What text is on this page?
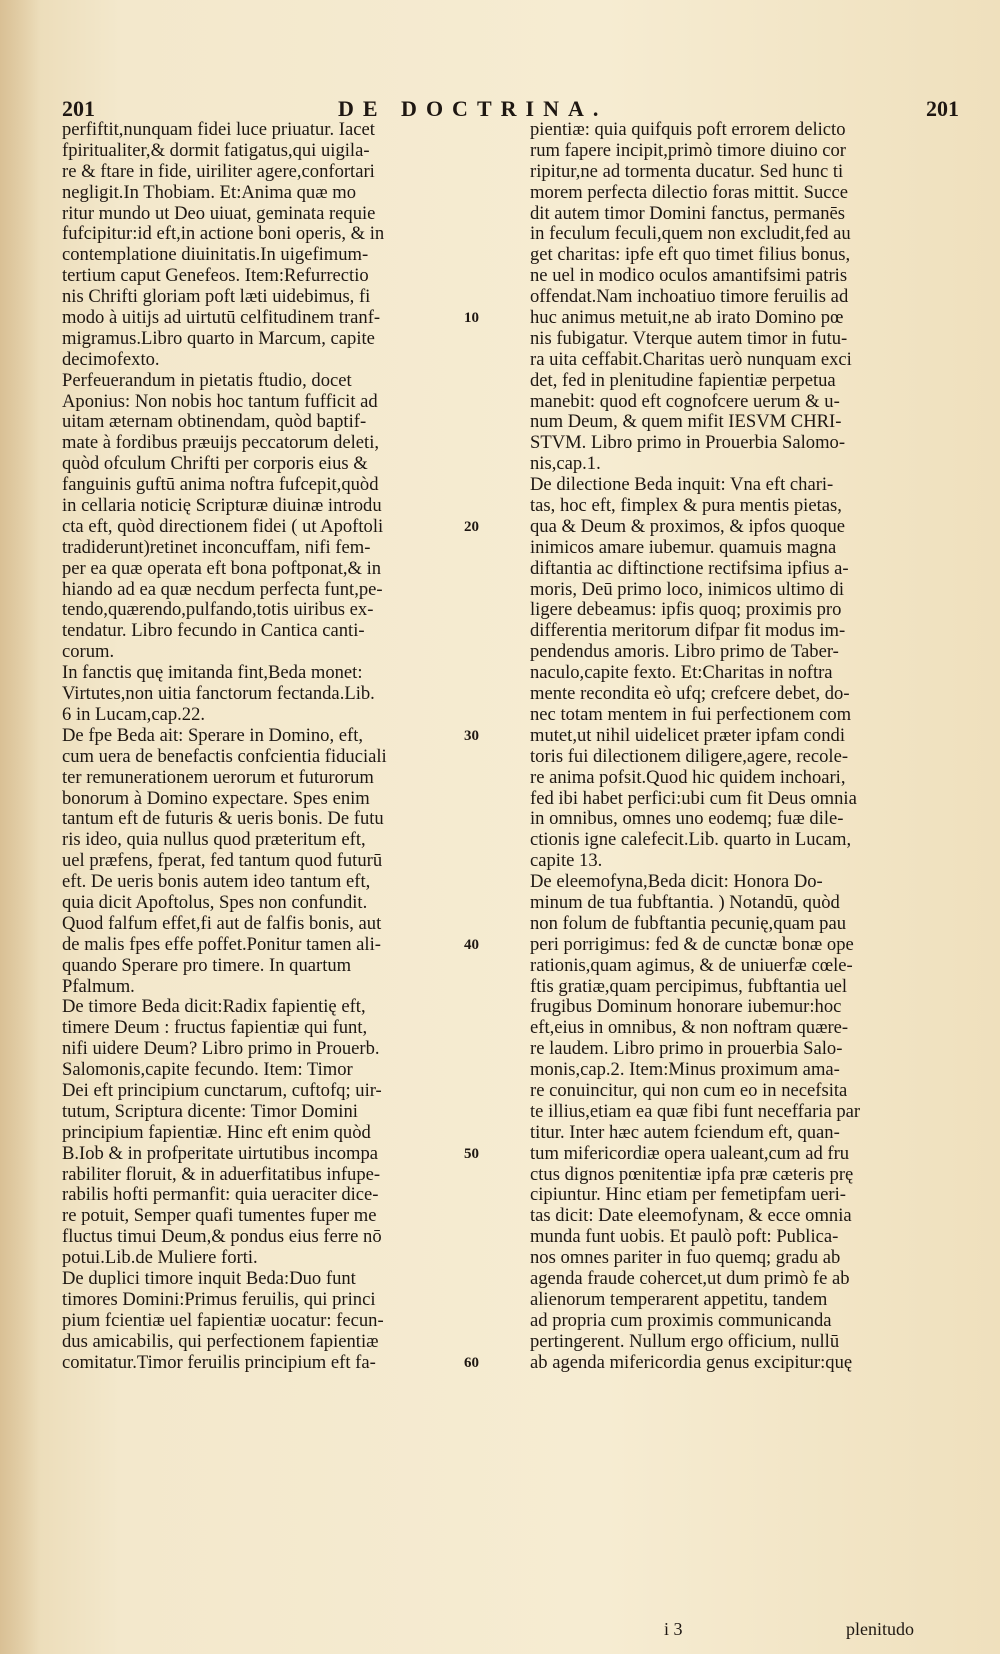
201	DE DOCTRINA.	201
perfiftit,nunquam fidei luce priuatur. Iacet
fpiritualiter,& dormit fatigatus,qui uigila-
re & ftare in fide, uiriliter agere,confortari
negligit.In Thobiam. Et:Anima quæ mo
ritur mundo ut Deo uiuat, geminata requie
fufcipitur:id eft,in actione boni operis, & in
contemplatione diuinitatis.In uigefimum-
tertium caput Genefeos. Item:Refurrectio
nis Chrifti gloriam poft læti uidebimus, fi
modo à uitijs ad uirtutū celfitudinem tranf-
migramus.Libro quarto in Marcum, capite
decimofexto.
Perfeuerandum in pietatis ftudio, docet
Aponius: Non nobis hoc tantum fufficit ad
uitam æternam obtinendam, quòd baptif-
mate à fordibus præuijs peccatorum deleti,
quòd ofculum Chrifti per corporis eius &
fanguinis guftū anima noftra fufcepit,quòd
in cellaria noticię Scripturæ diuinæ introdu
cta eft, quòd directionem fidei ( ut Apoftoli
tradiderunt)retinet inconcuffam, nifi fem-
per ea quæ operata eft bona poftponat,& in
hiando ad ea quæ necdum perfecta funt,pe-
tendo,quærendo,pulfando,totis uiribus ex-
tendatur. Libro fecundo in Cantica canti-
corum.
In fanctis quę imitanda fint,Beda monet:
Virtutes,non uitia fanctorum fectanda.Lib.
6 in Lucam,cap.22.
De fpe Beda ait: Sperare in Domino, eft,
cum uera de benefactis confcientia fiduciali
ter remunerationem uerorum et futurorum
bonorum à Domino expectare. Spes enim
tantum eft de futuris & ueris bonis. De futu
ris ideo, quia nullus quod præteritum eft,
uel præfens, fperat, fed tantum quod futurū
eft. De ueris bonis autem ideo tantum eft,
quia dicit Apoftolus, Spes non confundit.
Quod falfum effet,fi aut de falfis bonis, aut
de malis fpes effe poffet.Ponitur tamen ali-
quando Sperare pro timere. In quartum
Pfalmum.
De timore Beda dicit:Radix fapientię eft,
timere Deum : fructus fapientiæ qui funt,
nifi uidere Deum? Libro primo in Prouerb.
Salomonis,capite fecundo. Item: Timor
Dei eft principium cunctarum, cuftofq; uir-
tutum, Scriptura dicente: Timor Domini
principium fapientiæ. Hinc eft enim quòd
B.Iob & in profperitate uirtutibus incompa
rabiliter floruit, & in aduerfitatibus infupe-
rabilis hofti permanfit: quia ueraciter dice-
re potuit, Semper quafi tumentes fuper me
fluctus timui Deum,& pondus eius ferre nō
potui.Lib.de Muliere forti.
De duplici timore inquit Beda:Duo funt
timores Domini:Primus feruilis, qui princi
pium fcientiæ uel fapientiæ uocatur: fecun-
dus amicabilis, qui perfectionem fapientiæ
comitatur.Timor feruilis principium eft fa-
pientiæ: quia quifquis poft errorem delicto
rum fapere incipit,primò timore diuino cor
ripitur,ne ad tormenta ducatur. Sed hunc ti
morem perfecta dilectio foras mittit. Succe
dit autem timor Domini fanctus, permanēs
in feculum feculi,quem non excludit,fed au
get charitas: ipfe eft quo timet filius bonus,
ne uel in modico oculos amantifsimi patris
offendat.Nam inchoatiuo timore feruilis ad
huc animus metuit,ne ab irato Domino pœ
nis fubigatur. Vterque autem timor in futu-
ra uita ceffabit.Charitas uerò nunquam exci
det, fed in plenitudine fapientiæ perpetua
manebit: quod eft cognofcere uerum & u-
num Deum, & quem mifit IESVM CHRI-
STVM. Libro primo in Prouerbia Salomo-
nis,cap.1.
De dilectione Beda inquit: Vna eft chari-
tas, hoc eft, fimplex & pura mentis pietas,
qua & Deum & proximos, & ipfos quoque
inimicos amare iubemur. quamuis magna
diftantia ac diftinctione rectifsima ipfius a-
moris, Deū primo loco, inimicos ultimo di
ligere debeamus: ipfis quoq; proximis pro
differentia meritorum difpar fit modus im-
pendendus amoris. Libro primo de Taber-
naculo,capite fexto. Et:Charitas in noftra
mente recondita eò ufq; crefcere debet, do-
nec totam mentem in fui perfectionem com
mutet,ut nihil uidelicet præter ipfam condi
toris fui dilectionem diligere,agere, recole-
re anima pofsit.Quod hic quidem inchoari,
fed ibi habet perfici:ubi cum fit Deus omnia
in omnibus, omnes uno eodemq; fuæ dile-
ctionis igne calefecit.Lib. quarto in Lucam,
capite 13.
De eleemofyna,Beda dicit: Honora Do-
minum de tua fubftantia. ) Notandū, quòd
non folum de fubftantia pecunię,quam pau
peri porrigimus: fed & de cunctæ bonæ ope
rationis,quam agimus, & de uniuerfæ cœle-
ftis gratiæ,quam percipimus, fubftantia uel
frugibus Dominum honorare iubemur:hoc
eft,eius in omnibus, & non noftram quære-
re laudem. Libro primo in prouerbia Salo-
monis,cap.2. Item:Minus proximum ama-
re conuincitur, qui non cum eo in necefsita
te illius,etiam ea quæ fibi funt neceffaria par
titur. Inter hæc autem fciendum eft, quan-
tum mifericordiæ opera ualeant,cum ad fru
ctus dignos pœnitentiæ ipfa præ cæteris prę
cipiuntur. Hinc etiam per femetipfam ueri-
tas dicit: Date eleemofynam, & ecce omnia
munda funt uobis. Et paulò poft: Publica-
nos omnes pariter in fuo quemq; gradu ab
agenda fraude cohercet,ut dum primò fe ab
alienorum temperarent appetitu, tandem
ad propria cum proximis communicanda
pertingerent. Nullum ergo officium, nullū
ab agenda mifericordia genus excipitur:quę
10
20
30
40
50
60
i 3	plenitudo
